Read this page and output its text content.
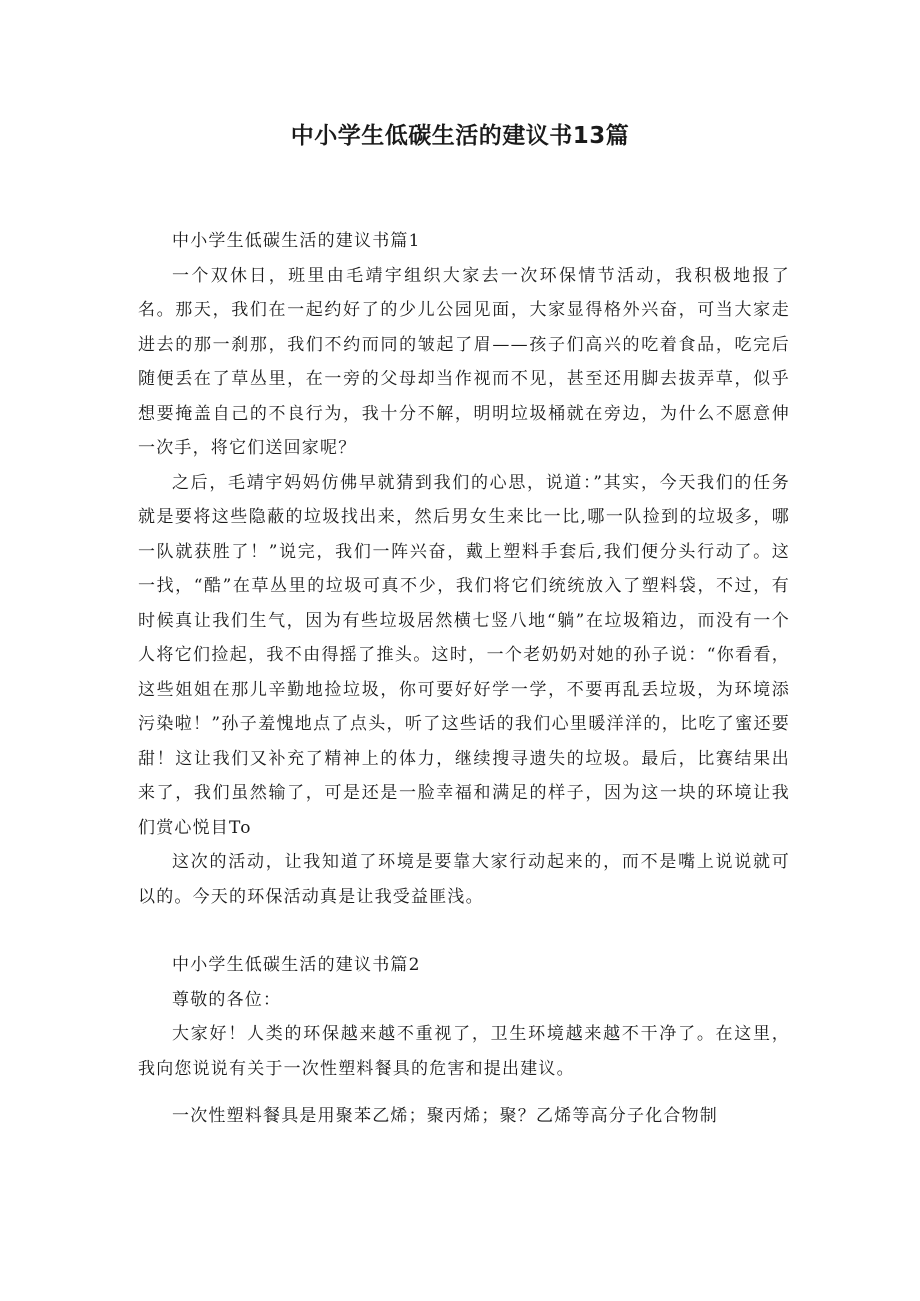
中小学生低碳生活的建议书13篇

中小学生低碳生活的建议书篇1

一个双休日，班里由毛靖宇组织大家去一次环保情节活动，我积极地报了名。那天，我们在一起约好了的少儿公园见面，大家显得格外兴奋，可当大家走进去的那一刹那，我们不约而同的皱起了眉——孩子们高兴的吃着食品，吃完后随便丢在了草丛里，在一旁的父母却当作视而不见，甚至还用脚去拔弄草，似乎想要掩盖自己的不良行为，我十分不解，明明垃圾桶就在旁边，为什么不愿意伸一次手，将它们送回家呢？

之后，毛靖宇妈妈仿佛早就猜到我们的心思，说道：”其实，今天我们的任务就是要将这些隐蔽的垃圾找出来，然后男女生来比一比,哪一队捡到的垃圾多，哪一队就获胜了！”说完，我们一阵兴奋，戴上塑料手套后,我们便分头行动了。这一找，“酷”在草丛里的垃圾可真不少，我们将它们统统放入了塑料袋，不过，有时候真让我们生气，因为有些垃圾居然横七竖八地“躺”在垃圾箱边，而没有一个人将它们捡起，我不由得摇了推头。这时，一个老奶奶对她的孙子说：“你看看，这些姐姐在那儿辛勤地捡垃圾，你可要好好学一学，不要再乱丢垃圾，为环境添污染啦！”孙子羞愧地点了点头，听了这些话的我们心里暖洋洋的，比吃了蜜还要甜！这让我们又补充了精神上的体力，继续搜寻遗失的垃圾。最后，比赛结果出来了，我们虽然输了，可是还是一脸幸福和满足的样子，因为这一块的环境让我们赏心悦目To

这次的活动，让我知道了环境是要靠大家行动起来的，而不是嘴上说说就可以的。今天的环保活动真是让我受益匪浅。

中小学生低碳生活的建议书篇2

尊敬的各位：

大家好！人类的环保越来越不重视了，卫生环境越来越不干净了。在这里，我向您说说有关于一次性塑料餐具的危害和提出建议。

一次性塑料餐具是用聚苯乙烯；聚丙烯；聚？乙烯等高分子化合物制
